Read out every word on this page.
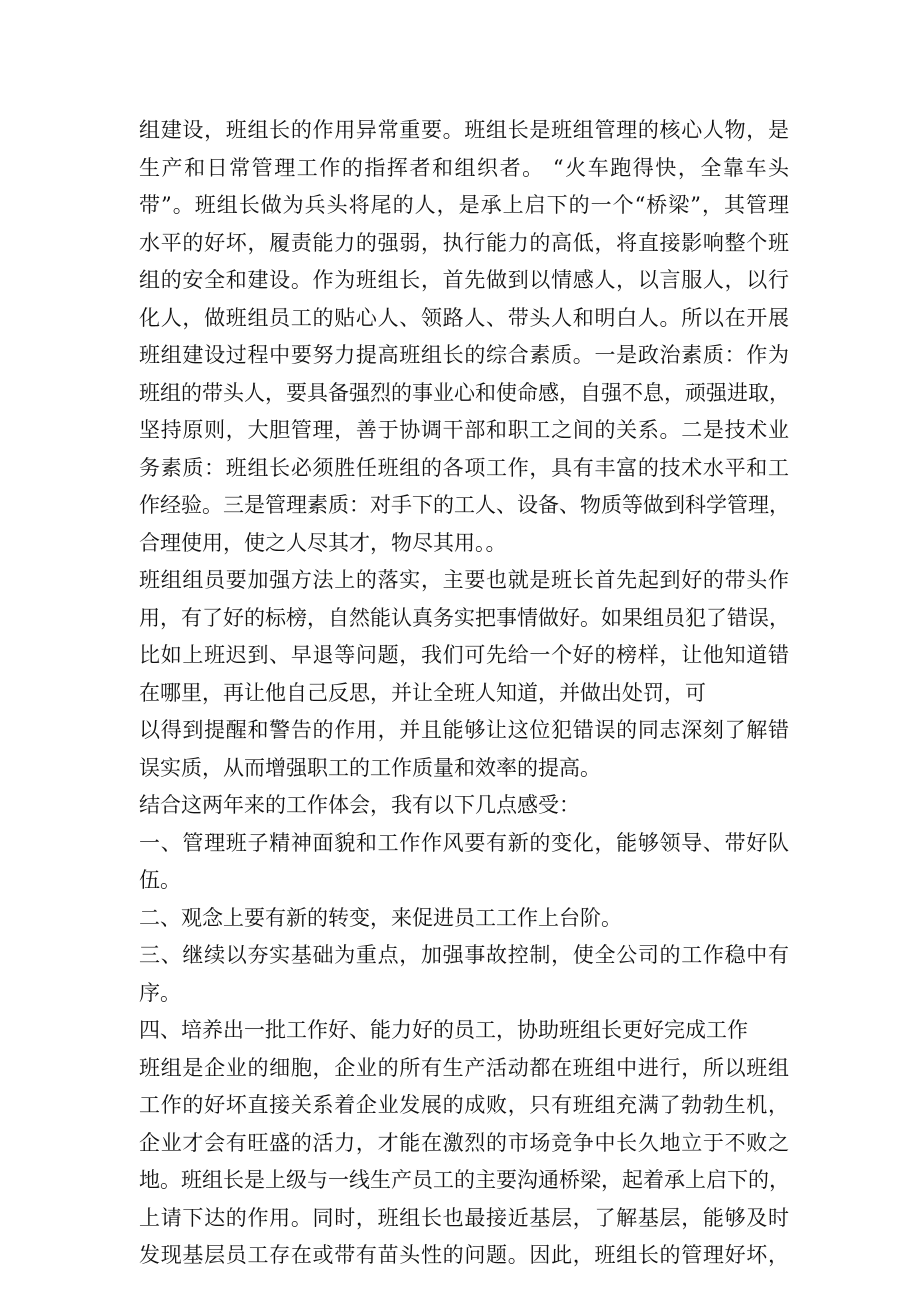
组建设，班组长的作用异常重要。班组长是班组管理的核心人物，是
生产和日常管理工作的指挥者和组织者。 “火车跑得快，全靠车头
带”。班组长做为兵头将尾的人，是承上启下的一个“桥梁”，其管理
水平的好坏，履责能力的强弱，执行能力的高低，将直接影响整个班
组的安全和建设。作为班组长，首先做到以情感人，以言服人，以行
化人，做班组员工的贴心人、领路人、带头人和明白人。所以在开展
班组建设过程中要努力提高班组长的综合素质。一是政治素质：作为
班组的带头人，要具备强烈的事业心和使命感，自强不息，顽强进取，
坚持原则，大胆管理，善于协调干部和职工之间的关系。二是技术业
务素质：班组长必须胜任班组的各项工作，具有丰富的技术水平和工
作经验。三是管理素质：对手下的工人、设备、物质等做到科学管理，
合理使用，使之人尽其才，物尽其用。。
班组组员要加强方法上的落实，主要也就是班长首先起到好的带头作
用，有了好的标榜，自然能认真务实把事情做好。如果组员犯了错误，
比如上班迟到、早退等问题，我们可先给一个好的榜样，让他知道错
在哪里，再让他自己反思，并让全班人知道，并做出处罚，可
以得到提醒和警告的作用，并且能够让这位犯错误的同志深刻了解错
误实质，从而增强职工的工作质量和效率的提高。
结合这两年来的工作体会，我有以下几点感受：
一、管理班子精神面貌和工作作风要有新的变化，能够领导、带好队
伍。
二、观念上要有新的转变，来促进员工工作上台阶。
三、继续以夯实基础为重点，加强事故控制，使全公司的工作稳中有
序。
四、培养出一批工作好、能力好的员工，协助班组长更好完成工作
班组是企业的细胞，企业的所有生产活动都在班组中进行，所以班组
工作的好坏直接关系着企业发展的成败，只有班组充满了勃勃生机，
企业才会有旺盛的活力，才能在激烈的市场竞争中长久地立于不败之
地。班组长是上级与一线生产员工的主要沟通桥梁，起着承上启下的，
上请下达的作用。同时，班组长也最接近基层，了解基层，能够及时
发现基层员工存在或带有苗头性的问题。因此，班组长的管理好坏，
